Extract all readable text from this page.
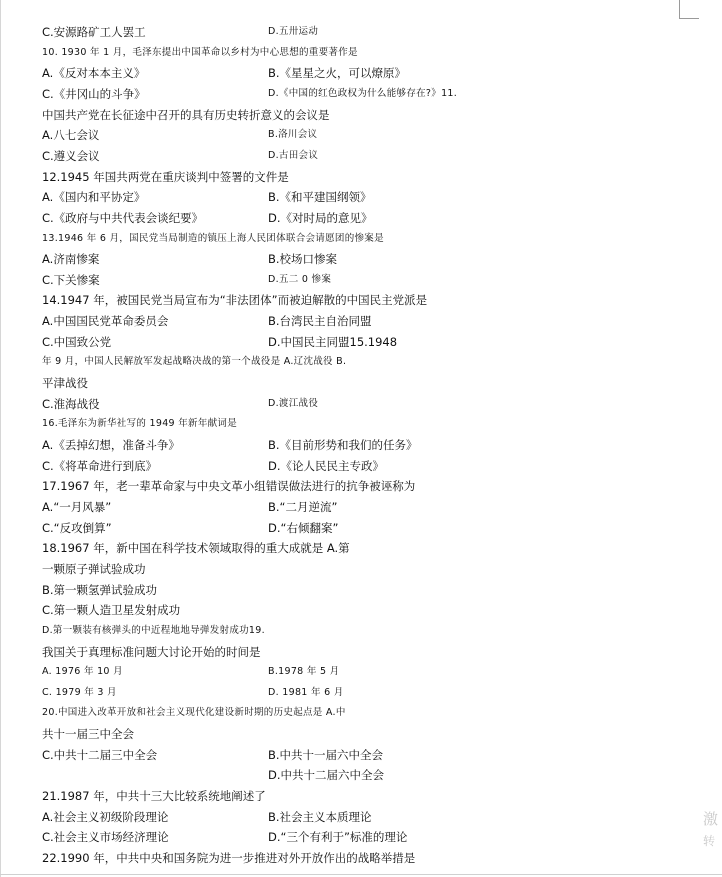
C.安源路矿工人罢工	D.五卅运动
10. 1930 年 1 月，毛泽东提出中国革命以乡村为中心思想的重要著作是
A.《反对本本主义》	B.《星星之火，可以燎原》
C.《井冈山的斗争》	D.《中国的红色政权为什么能够存在?》11.
中国共产党在长征途中召开的具有历史转折意义的会议是
A.八七会议	B.洛川会议
C.遵义会议	D.古田会议
12.1945 年国共两党在重庆谈判中签署的文件是
A.《国内和平协定》	B.《和平建国纲领》
C.《政府与中共代表会谈纪要》	D.《对时局的意见》
13.1946 年 6 月，国民党当局制造的镇压上海人民团体联合会请愿团的惨案是
A.济南惨案	B.校场口惨案
C.下关惨案	D.五二 0 惨案
14.1947 年，被国民党当局宣布为“非法团体”而被迫解散的中国民主党派是
A.中国国民党革命委员会	B.台湾民主自治同盟
C.中国致公党	D.中国民主同盟15.1948
年 9 月，中国人民解放军发起战略决战的第一个战役是 A.辽沈战役 B.
平津战役
C.淮海战役	D.渡江战役
16.毛泽东为新华社写的 1949 年新年献词是
A.《丢掉幻想，准备斗争》	B.《目前形势和我们的任务》
C.《将革命进行到底》	D.《论人民民主专政》
17.1967 年，老一辈革命家与中央文革小组错误做法进行的抗争被诬称为
A.“一月风暴”	B.“二月逆流”
C.“反攻倒算”	D.“右倾翻案”
18.1967 年，新中国在科学技术领域取得的重大成就是 A.第
一颗原子弹试验成功
B.第一颗氢弹试验成功
C.第一颗人造卫星发射成功
D.第一颗装有核弹头的中近程地地导弹发射成功19.
我国关于真理标准问题大讨论开始的时间是
A. 1976 年 10 月	B.1978 年 5 月
C. 1979 年 3 月	D. 1981 年 6 月
20.中国进入改革开放和社会主义现代化建设新时期的历史起点是 A.中
共十一届三中全会
C.中共十二届三中全会	B.中共十一届六中全会
D.中共十二届六中全会
21.1987 年，中共十三大比较系统地阐述了
A.社会主义初级阶段理论	B.社会主义本质理论
C.社会主义市场经济理论	D.“三个有利于”标准的理论
22.1990 年，中共中央和国务院为进一步推进对外开放作出的战略举措是
激
转
